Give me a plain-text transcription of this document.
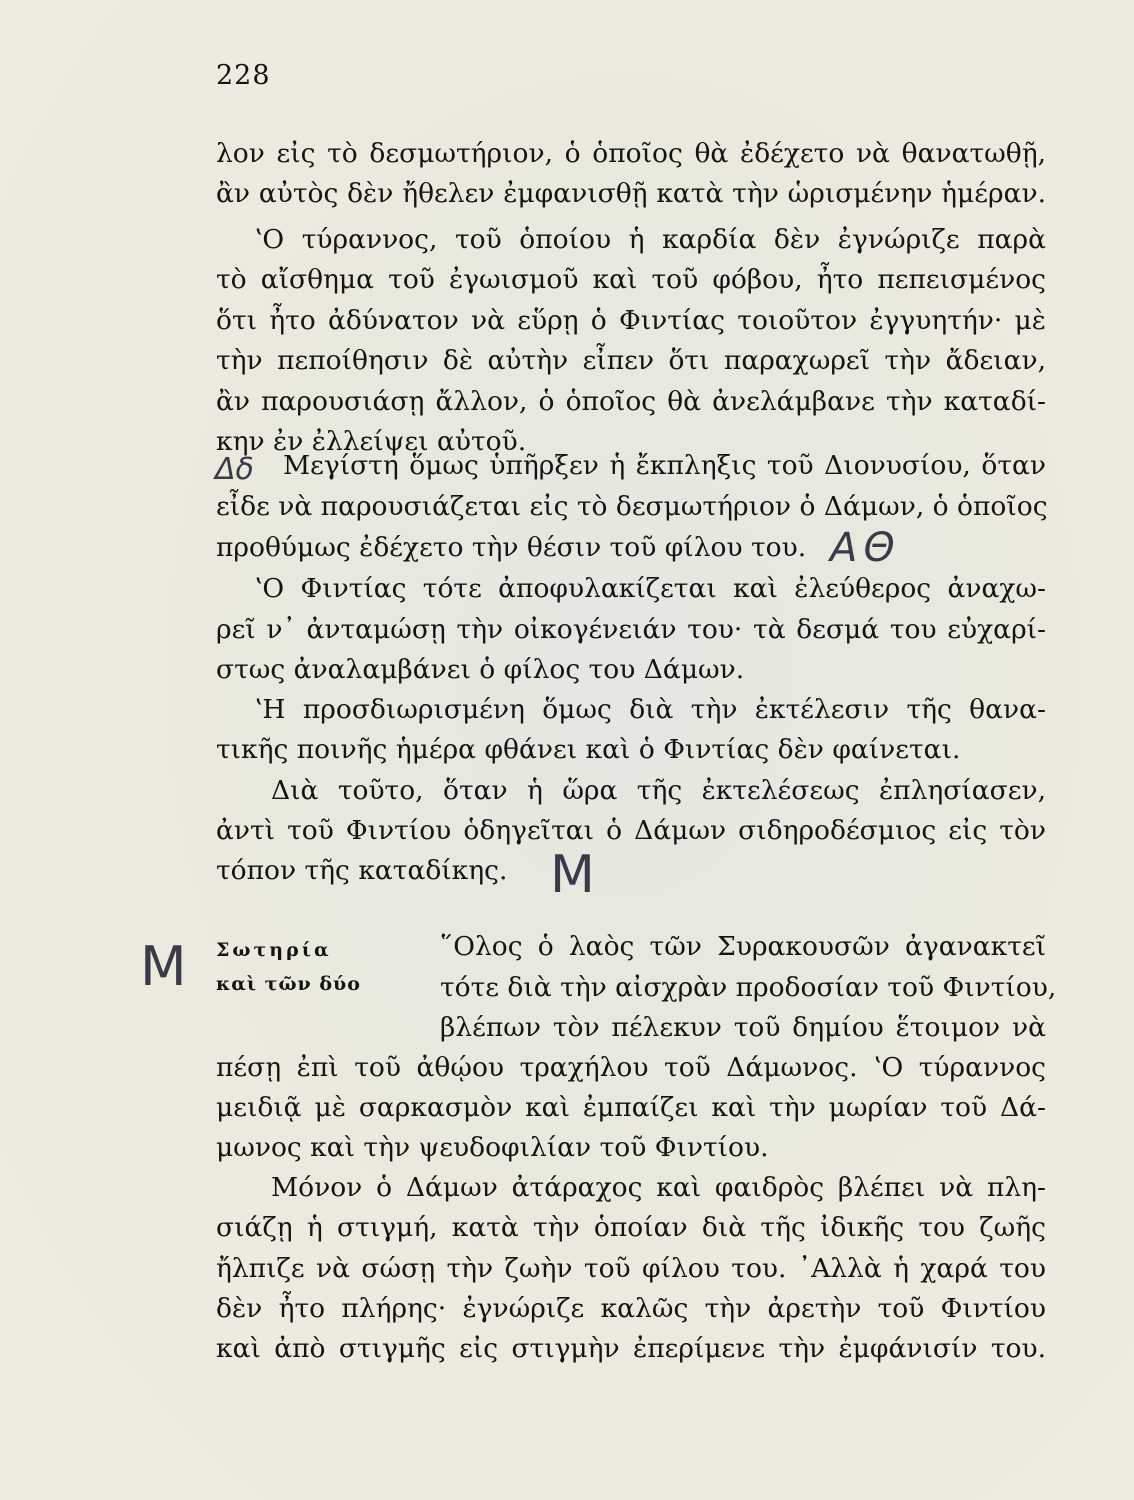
228
λον εἰς τὸ δεσμωτήριον, ὁ ὁποῖος θὰ ἐδέχετο νὰ θανατωθῇ,
ἂν αὐτὸς δὲν ἤθελεν ἐμφανισθῇ κατὰ τὴν ὡρισμένην ἡμέραν.
ʽΟ τύραννος, τοῦ ὁποίου ἡ καρδία δὲν ἐγνώριζε παρὰ
τὸ αἴσθημα τοῦ ἐγωισμοῦ καὶ τοῦ φόβου, ἦτο πεπεισμένος
ὅτι ἦτο ἀδύνατον νὰ εὕρῃ ὁ Φιντίας τοιοῦτον ἐγγυητήν· μὲ
τὴν πεποίθησιν δὲ αὐτὴν εἶπεν ὅτι παραχωρεῖ τὴν ἄδειαν,
ἂν παρουσιάσῃ ἄλλον, ὁ ὁποῖος θὰ ἀνελάμβανε τὴν καταδί-
κην ἐν ἐλλείψει αὐτοῦ.
Μεγίστη ὅμως ὑπῆρξεν ἡ ἔκπληξις τοῦ Διονυσίου, ὅταν
εἶδε νὰ παρουσιάζεται εἰς τὸ δεσμωτήριον ὁ Δάμων, ὁ ὁποῖος
προθύμως ἐδέχετο τὴν θέσιν τοῦ φίλου του.
ʽΟ Φιντίας τότε ἀποφυλακίζεται καὶ ἐλεύθερος ἀναχω-
ρεῖ ν᾽ ἀνταμώσῃ τὴν οἰκογένειάν του· τὰ δεσμά του εὐχαρί-
στως ἀναλαμβάνει ὁ φίλος του Δάμων.
ʽΗ προσδιωρισμένη ὅμως διὰ τὴν ἐκτέλεσιν τῆς θανα-
τικῆς ποινῆς ἡμέρα φθάνει καὶ ὁ Φιντίας δὲν φαίνεται.
Διὰ τοῦτο, ὅταν ἡ ὥρα τῆς ἐκτελέσεως ἐπλησίασεν,
ἀντὶ τοῦ Φιντίου ὁδηγεῖται ὁ Δάμων σιδηροδέσμιος εἰς τὸν
τόπον τῆς καταδίκης.
Σωτηρία
καὶ τῶν δύο
῞Ολος ὁ λαὸς τῶν Συρακουσῶν ἀγανακτεῖ
τότε διὰ τὴν αἰσχρὰν προδοσίαν τοῦ Φιντίου,
βλέπων τὸν πέλεκυν τοῦ δημίου ἕτοιμον νὰ
πέσῃ ἐπὶ τοῦ ἀθῴου τραχήλου τοῦ Δάμωνος. ʽΟ τύραννος
μειδιᾷ μὲ σαρκασμὸν καὶ ἐμπαίζει καὶ τὴν μωρίαν τοῦ Δά-
μωνος καὶ τὴν ψευδοφιλίαν τοῦ Φιντίου.
Μόνον ὁ Δάμων ἀτάραχος καὶ φαιδρὸς βλέπει νὰ πλη-
σιάζῃ ἡ στιγμή, κατὰ τὴν ὁποίαν διὰ τῆς ἰδικῆς του ζωῆς
ἤλπιζε νὰ σώσῃ τὴν ζωὴν τοῦ φίλου του. ᾿Αλλὰ ἡ χαρά του
δὲν ἦτο πλήρης· ἐγνώριζε καλῶς τὴν ἀρετὴν τοῦ Φιντίου
καὶ ἀπὸ στιγμῆς εἰς στιγμὴν ἐπερίμενε τὴν ἐμφάνισίν του.
Δδ
ΑΘ
Μ
Μ
